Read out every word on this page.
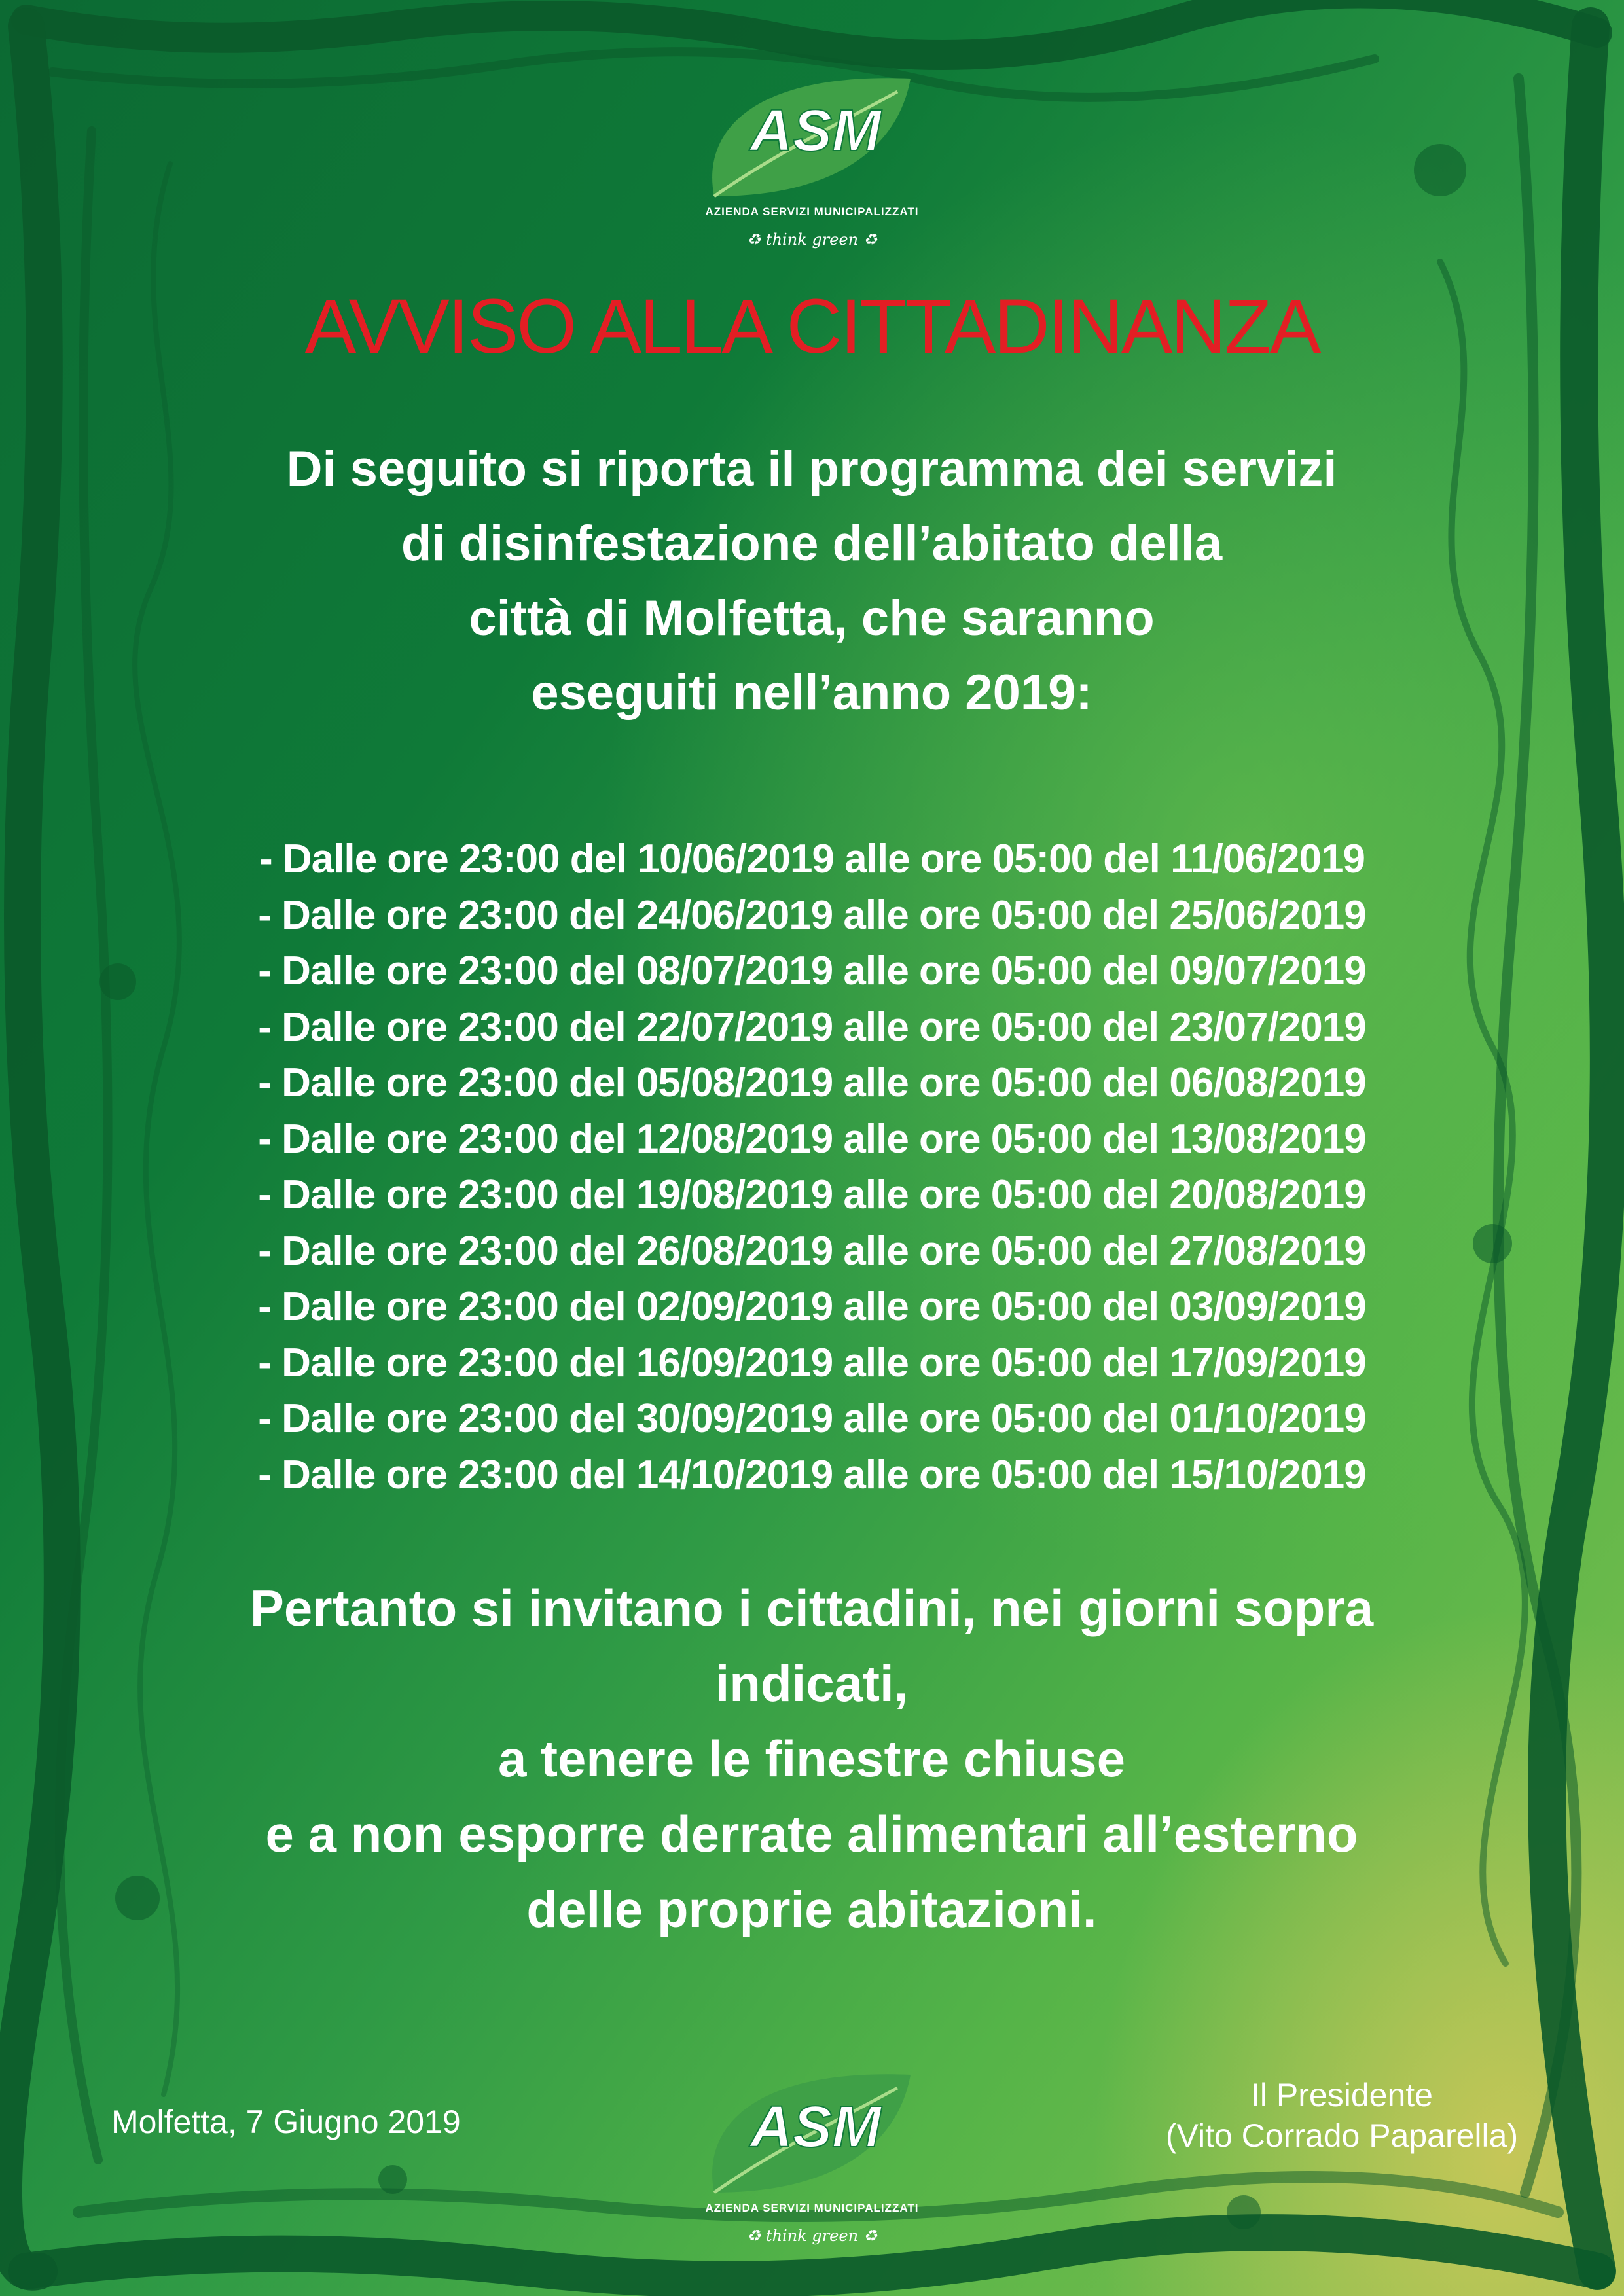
ASM
AZIENDA SERVIZI MUNICIPALIZZATI
♻ think green ♻
AVVISO ALLA CITTADINANZA
Di seguito si riporta il programma dei servizi
di disinfestazione dell’abitato della
città di Molfetta, che saranno
eseguiti nell’anno 2019:
- Dalle ore 23:00 del 10/06/2019 alle ore 05:00 del 11/06/2019
- Dalle ore 23:00 del 24/06/2019 alle ore 05:00 del 25/06/2019
- Dalle ore 23:00 del 08/07/2019 alle ore 05:00 del 09/07/2019
- Dalle ore 23:00 del 22/07/2019 alle ore 05:00 del 23/07/2019
- Dalle ore 23:00 del 05/08/2019 alle ore 05:00 del 06/08/2019
- Dalle ore 23:00 del 12/08/2019 alle ore 05:00 del 13/08/2019
- Dalle ore 23:00 del 19/08/2019 alle ore 05:00 del 20/08/2019
- Dalle ore 23:00 del 26/08/2019 alle ore 05:00 del 27/08/2019
- Dalle ore 23:00 del 02/09/2019 alle ore 05:00 del 03/09/2019
- Dalle ore 23:00 del 16/09/2019 alle ore 05:00 del 17/09/2019
- Dalle ore 23:00 del 30/09/2019 alle ore 05:00 del 01/10/2019
- Dalle ore 23:00 del 14/10/2019 alle ore 05:00 del 15/10/2019
Pertanto si invitano i cittadini, nei giorni sopra
indicati,
a tenere le finestre chiuse
e a non esporre derrate alimentari all’esterno
delle proprie abitazioni.
Molfetta, 7 Giugno 2019	ASM
AZIENDA SERVIZI MUNICIPALIZZATI
♻ think green ♻
Il Presidente
(Vito Corrado Paparella)
